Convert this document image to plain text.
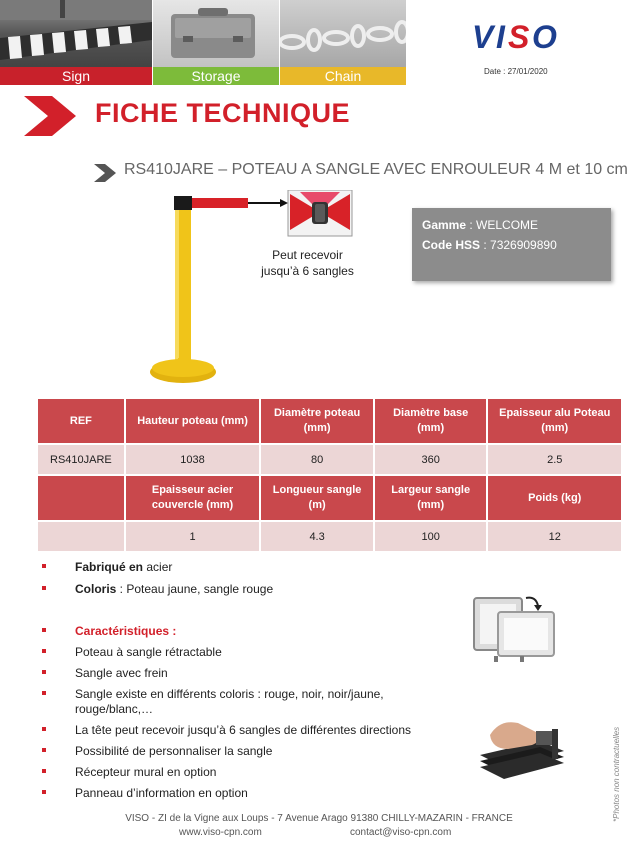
Sign	Storage	Chain
V I S O
Date : 27/01/2020
FICHE TECHNIQUE
RS410JARE – POTEAU A SANGLE AVEC ENROULEUR 4 M et 10 cm
Peut recevoir
jusqu’à 6 sangles
Gamme : WELCOME
Code HSS : 7326909890
REF	Hauteur poteau (mm)	Diamètre poteau (mm)	Diamètre base (mm)	Epaisseur alu Poteau (mm)
RS410JARE	1038	80	360	2.5
	Epaisseur acier couvercle (mm)	Longueur sangle (m)	Largeur sangle (mm)	Poids (kg)
	1	4.3	100	12
Fabriqué en acier
Coloris : Poteau jaune, sangle rouge
Caractéristiques :
Poteau à sangle rétractable
Sangle avec frein
Sangle existe en différents coloris : rouge, noir, noir/jaune, rouge/blanc,…
La tête peut recevoir jusqu’à 6 sangles de différentes directions
Possibilité de personnaliser la sangle
Récepteur mural en option
Panneau d’information en option	*Photos non contractuelles
VISO - ZI de la Vigne aux Loups - 7 Avenue Arago 91380 CHILLY-MAZARIN - FRANCE
www.viso-cpn.com	contact@viso-cpn.com
